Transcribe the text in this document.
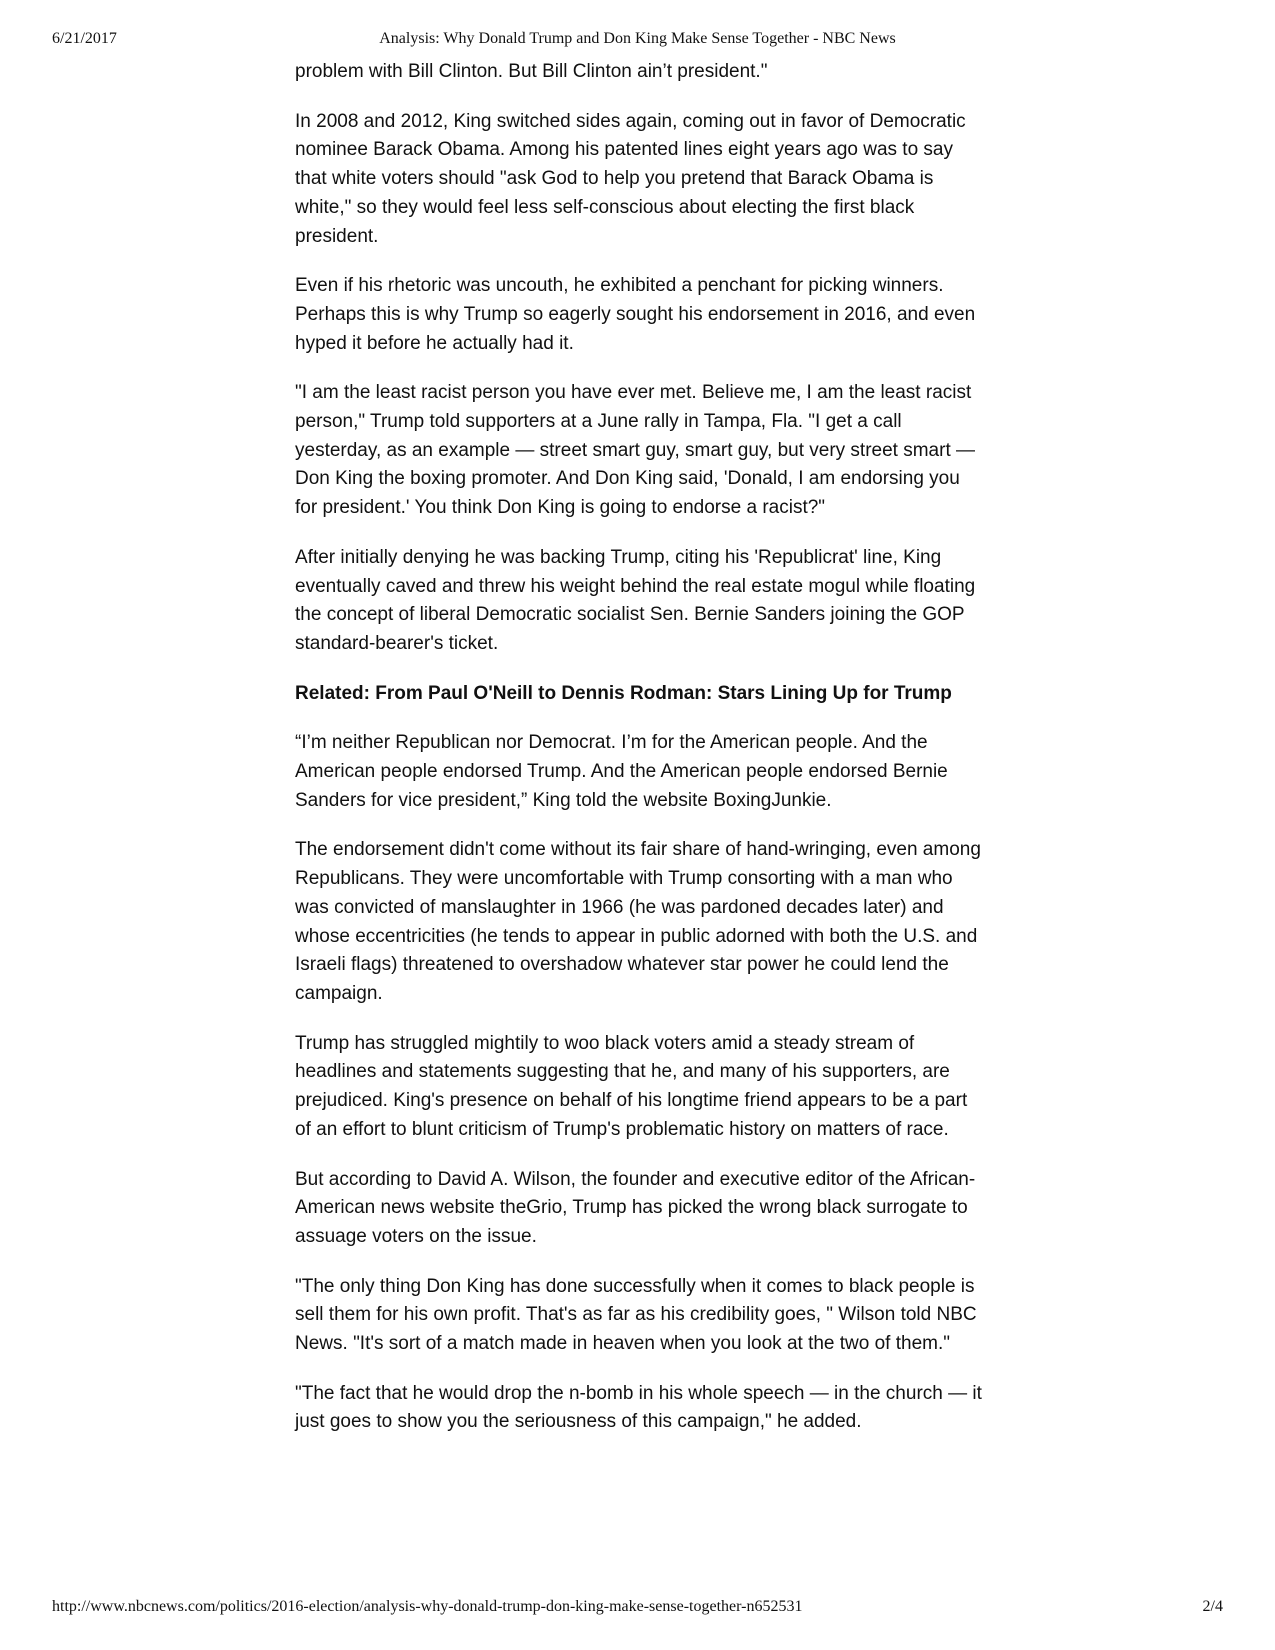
6/21/2017	Analysis: Why Donald Trump and Don King Make Sense Together - NBC News

problem with Bill Clinton. But Bill Clinton ain’t president."

In 2008 and 2012, King switched sides again, coming out in favor of Democratic nominee Barack Obama. Among his patented lines eight years ago was to say that white voters should "ask God to help you pretend that Barack Obama is white," so they would feel less self-conscious about electing the first black president.

Even if his rhetoric was uncouth, he exhibited a penchant for picking winners. Perhaps this is why Trump so eagerly sought his endorsement in 2016, and even hyped it before he actually had it.

"I am the least racist person you have ever met. Believe me, I am the least racist person," Trump told supporters at a June rally in Tampa, Fla. "I get a call yesterday, as an example — street smart guy, smart guy, but very street smart — Don King the boxing promoter. And Don King said, 'Donald, I am endorsing you for president.' You think Don King is going to endorse a racist?"

After initially denying he was backing Trump, citing his 'Republicrat' line, King eventually caved and threw his weight behind the real estate mogul while floating the concept of liberal Democratic socialist Sen. Bernie Sanders joining the GOP standard-bearer's ticket.

Related: From Paul O'Neill to Dennis Rodman: Stars Lining Up for Trump

“I’m neither Republican nor Democrat. I’m for the American people. And the American people endorsed Trump. And the American people endorsed Bernie Sanders for vice president,” King told the website BoxingJunkie.

The endorsement didn't come without its fair share of hand-wringing, even among Republicans. They were uncomfortable with Trump consorting with a man who was convicted of manslaughter in 1966 (he was pardoned decades later) and whose eccentricities (he tends to appear in public adorned with both the U.S. and Israeli flags) threatened to overshadow whatever star power he could lend the campaign.

Trump has struggled mightily to woo black voters amid a steady stream of headlines and statements suggesting that he, and many of his supporters, are prejudiced. King's presence on behalf of his longtime friend appears to be a part of an effort to blunt criticism of Trump's problematic history on matters of race.

But according to David A. Wilson, the founder and executive editor of the African-American news website theGrio, Trump has picked the wrong black surrogate to assuage voters on the issue.

"The only thing Don King has done successfully when it comes to black people is sell them for his own profit. That's as far as his credibility goes, " Wilson told NBC News. "It's sort of a match made in heaven when you look at the two of them."

"The fact that he would drop the n-bomb in his whole speech — in the church — it just goes to show you the seriousness of this campaign," he added.

http://www.nbcnews.com/politics/2016-election/analysis-why-donald-trump-don-king-make-sense-together-n652531	2/4
